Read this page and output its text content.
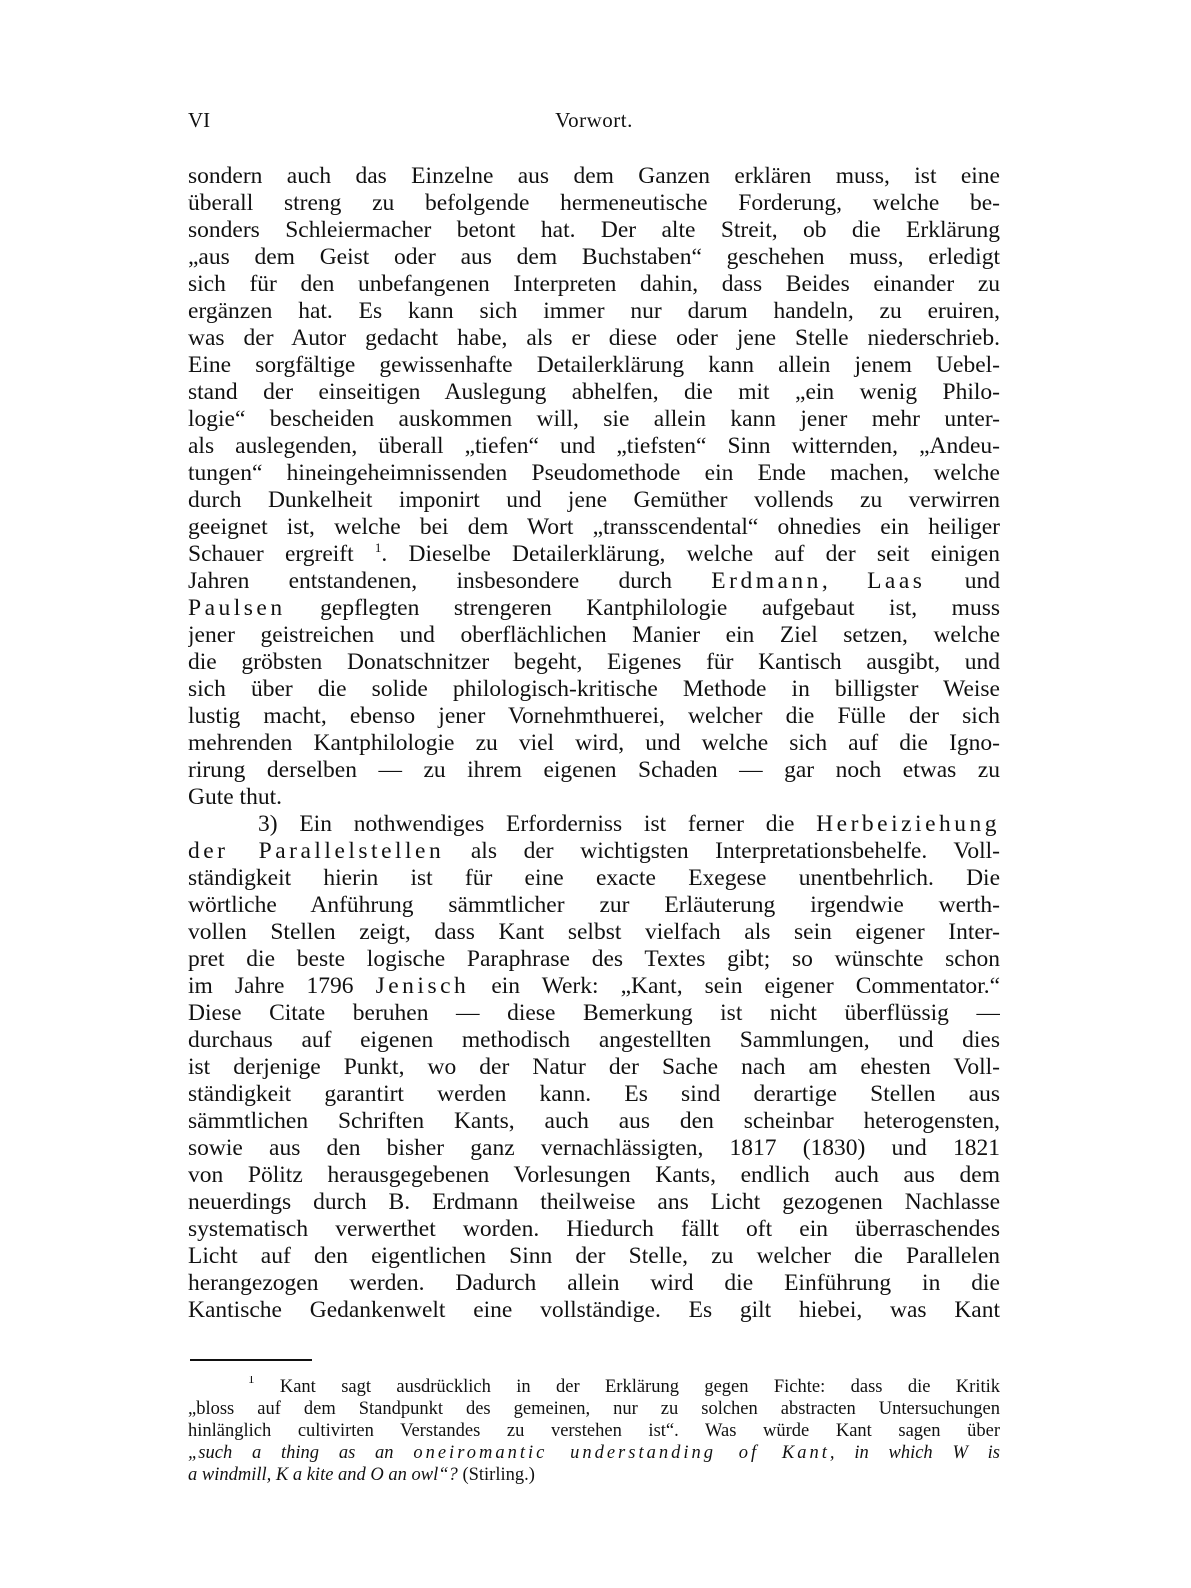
VI	Vorwort.
sondern auch das Einzelne aus dem Ganzen erklären muss, ist eine
überall streng zu befolgende hermeneutische Forderung, welche be-
sonders Schleiermacher betont hat. Der alte Streit, ob die Erklärung
„aus dem Geist oder aus dem Buchstaben“ geschehen muss, erledigt
sich für den unbefangenen Interpreten dahin, dass Beides einander zu
ergänzen hat. Es kann sich immer nur darum handeln, zu eruiren,
was der Autor gedacht habe, als er diese oder jene Stelle niederschrieb.
Eine sorgfältige gewissenhafte Detailerklärung kann allein jenem Uebel-
stand der einseitigen Auslegung abhelfen, die mit „ein wenig Philo-
logie“ bescheiden auskommen will, sie allein kann jener mehr unter-
als auslegenden, überall „tiefen“ und „tiefsten“ Sinn witternden, „Andeu-
tungen“ hineingeheimnissenden Pseudomethode ein Ende machen, welche
durch Dunkelheit imponirt und jene Gemüther vollends zu verwirren
geeignet ist, welche bei dem Wort „transscendental“ ohnedies ein heiliger
Schauer ergreift $^1$. Dieselbe Detailerklärung, welche auf der seit einigen
Jahren entstandenen, insbesondere durch Erdmann, Laas und
Paulsen gepflegten strengeren Kantphilologie aufgebaut ist, muss
jener geistreichen und oberflächlichen Manier ein Ziel setzen, welche
die gröbsten Donatschnitzer begeht, Eigenes für Kantisch ausgibt, und
sich über die solide philologisch-kritische Methode in billigster Weise
lustig macht, ebenso jener Vornehmthuerei, welcher die Fülle der sich
mehrenden Kantphilologie zu viel wird, und welche sich auf die Igno-
rirung derselben — zu ihrem eigenen Schaden — gar noch etwas zu
Gute thut.
3) Ein nothwendiges Erforderniss ist ferner die Herbeiziehung
der Parallelstellen als der wichtigsten Interpretationsbehelfe. Voll-
ständigkeit hierin ist für eine exacte Exegese unentbehrlich. Die
wörtliche Anführung sämmtlicher zur Erläuterung irgendwie werth-
vollen Stellen zeigt, dass Kant selbst vielfach als sein eigener Inter-
pret die beste logische Paraphrase des Textes gibt; so wünschte schon
im Jahre 1796 Jenisch ein Werk: „Kant, sein eigener Commentator.“
Diese Citate beruhen — diese Bemerkung ist nicht überflüssig —
durchaus auf eigenen methodisch angestellten Sammlungen, und dies
ist derjenige Punkt, wo der Natur der Sache nach am ehesten Voll-
ständigkeit garantirt werden kann. Es sind derartige Stellen aus
sämmtlichen Schriften Kants, auch aus den scheinbar heterogensten,
sowie aus den bisher ganz vernachlässigten, 1817 (1830) und 1821
von Pölitz herausgegebenen Vorlesungen Kants, endlich auch aus dem
neuerdings durch B. Erdmann theilweise ans Licht gezogenen Nachlasse
systematisch verwerthet worden. Hiedurch fällt oft ein überraschendes
Licht auf den eigentlichen Sinn der Stelle, zu welcher die Parallelen
herangezogen werden. Dadurch allein wird die Einführung in die
Kantische Gedankenwelt eine vollständige. Es gilt hiebei, was Kant
$^1$ Kant sagt ausdrücklich in der Erklärung gegen Fichte: dass die Kritik
„bloss auf dem Standpunkt des gemeinen, nur zu solchen abstracten Untersuchungen
hinlänglich cultivirten Verstandes zu verstehen ist“. Was würde Kant sagen über
„such a thing as an oneiromantic understanding of Kant, in which W is
a windmill, K a kite and O an owl“? (Stirling.)
